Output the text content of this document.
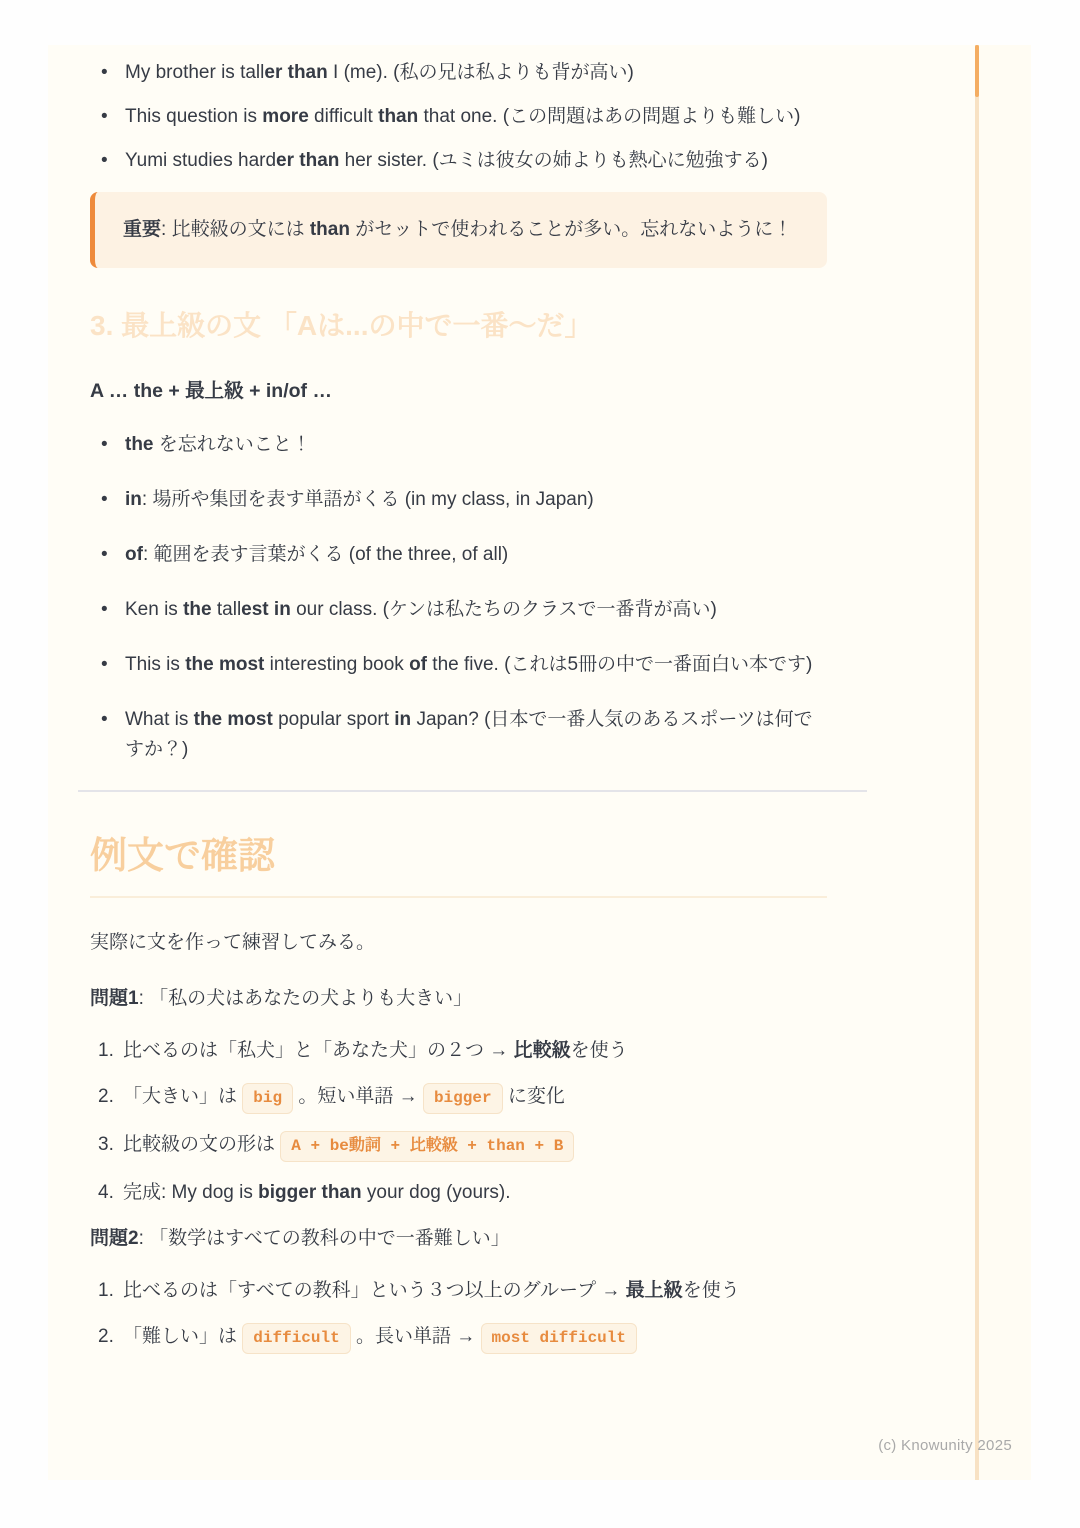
• My brother is taller than I (me). (私の兄は私よりも背が高い)
• This question is more difficult than that one. (この問題はあの問題よりも難しい)
• Yumi studies harder than her sister. (ユミは彼女の姉よりも熱心に勉強する)
重要: 比較級の文には than がセットで使われることが多い。忘れないように！
3. 最上級の文 「Aは...の中で一番〜だ」

A … the + 最上級 + in/of …

• the を忘れないこと！
• in: 場所や集団を表す単語がくる (in my class, in Japan)
• of: 範囲を表す言葉がくる (of the three, of all)
• Ken is the tallest in our class. (ケンは私たちのクラスで一番背が高い)
• This is the most interesting book of the five. (これは5冊の中で一番面白い本です)
• What is the most popular sport in Japan? (日本で一番人気のあるスポーツは何ですか？)
例文で確認

実際に文を作って練習してみる。

問題1: 「私の犬はあなたの犬よりも大きい」

比べるのは「私犬」と「あなた犬」の２つ → 比較級を使う
「大きい」は big 。短い単語 → bigger に変化
比較級の文の形は A + be動詞 + 比較級 + than + B
完成: My dog is bigger than your dog (yours).

問題2: 「数学はすべての教科の中で一番難しい」

比べるのは「すべての教科」という３つ以上のグループ → 最上級を使う
「難しい」は difficult 。長い単語 → most difficult
(c) Knowunity 2025
